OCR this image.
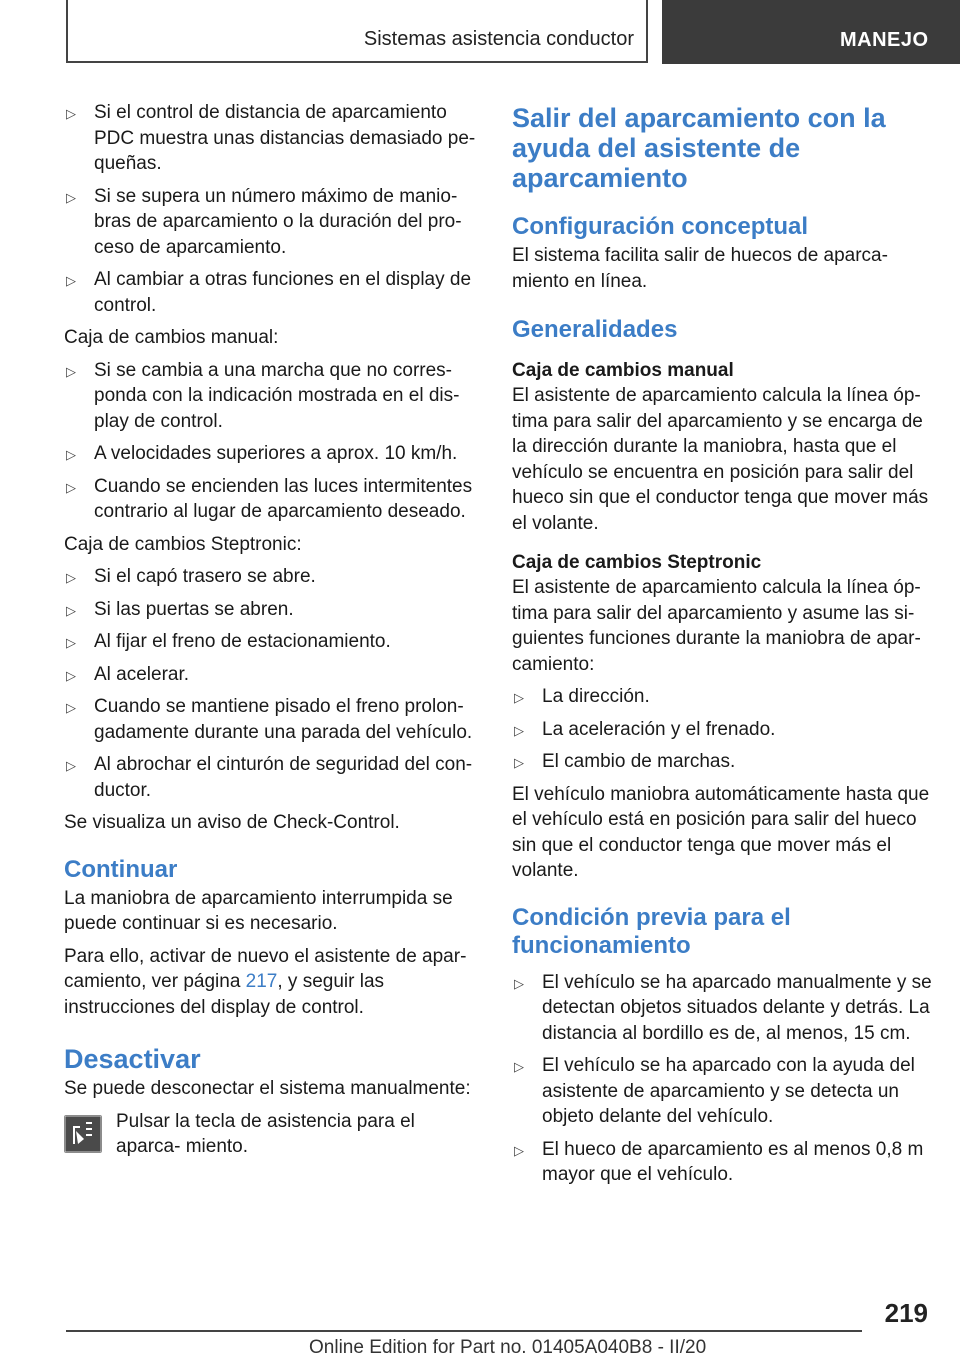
Sistemas asistencia conductor	MANEJO
▷ Si el control de distancia de aparcamiento PDC muestra unas distancias demasiado pe‐ queñas.
▷ Si se supera un número máximo de manio‐ bras de aparcamiento o la duración del pro‐ ceso de aparcamiento.
▷ Al cambiar a otras funciones en el display de control.

Caja de cambios manual:

▷ Si se cambia a una marcha que no corres‐ ponda con la indicación mostrada en el dis‐ play de control.
▷ A velocidades superiores a aprox. 10 km/h.
▷ Cuando se encienden las luces intermitentes contrario al lugar de aparcamiento deseado.

Caja de cambios Steptronic:

▷ Si el capó trasero se abre.
▷ Si las puertas se abren.
▷ Al fijar el freno de estacionamiento.
▷ Al acelerar.
▷ Cuando se mantiene pisado el freno prolon‐ gadamente durante una parada del vehículo.
▷ Al abrochar el cinturón de seguridad del con‐ ductor.

Se visualiza un aviso de Check-Control.

Continuar

La maniobra de aparcamiento interrumpida se puede continuar si es necesario.

Para ello, activar de nuevo el asistente de apar‐ camiento, ver página 217, y seguir las instrucciones del display de control.

Desactivar

Se puede desconectar el sistema manualmente:

Pulsar la tecla de asistencia para el aparca‐ miento.

Salir del aparcamiento con la ayuda del asistente de aparcamiento
Configuración conceptual

El sistema facilita salir de huecos de aparca‐ miento en línea.

Generalidades
Caja de cambios manual

El asistente de aparcamiento calcula la línea óp‐ tima para salir del aparcamiento y se encarga de la dirección durante la maniobra, hasta que el vehículo se encuentra en posición para salir del hueco sin que el conductor tenga que mover más el volante.

Caja de cambios Steptronic

El asistente de aparcamiento calcula la línea óp‐ tima para salir del aparcamiento y asume las si‐ guientes funciones durante la maniobra de apar‐ camiento:

▷ La dirección.
▷ La aceleración y el frenado.
▷ El cambio de marchas.

El vehículo maniobra automáticamente hasta que el vehículo está en posición para salir del hueco sin que el conductor tenga que mover más el volante.

Condición previa para el funcionamiento
▷ El vehículo se ha aparcado manualmente y se detectan objetos situados delante y detrás. La distancia al bordillo es de, al menos, 15 cm.
▷ El vehículo se ha aparcado con la ayuda del asistente de aparcamiento y se detecta un objeto delante del vehículo.
▷ El hueco de aparcamiento es al menos 0,8 m mayor que el vehículo.
219
Online Edition for Part no. 01405A040B8 - II/20
